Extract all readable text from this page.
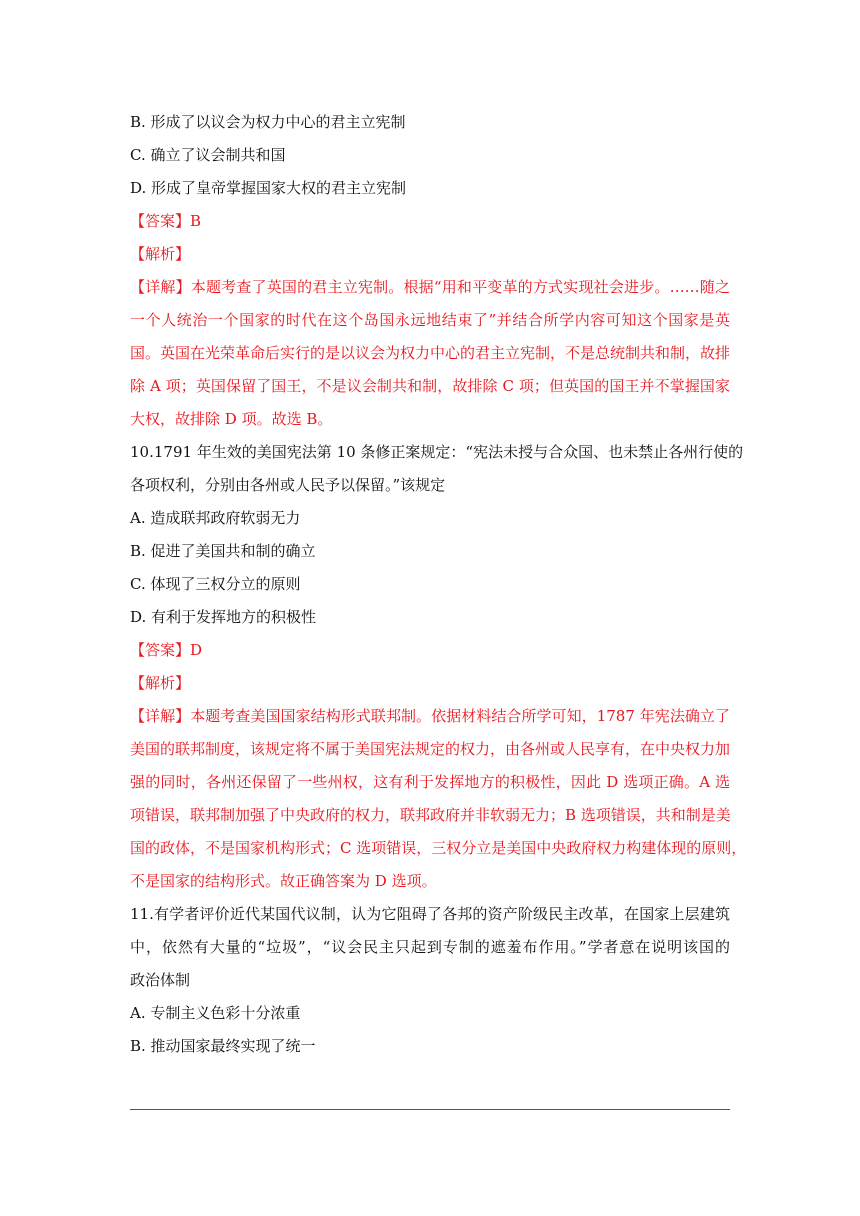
B. 形成了以议会为权力中心的君主立宪制
C. 确立了议会制共和国
D. 形成了皇帝掌握国家大权的君主立宪制
【答案】B
【解析】
【详解】本题考查了英国的君主立宪制。根据“用和平变革的方式实现社会进步。……随之
一个人统治一个国家的时代在这个岛国永远地结束了”并结合所学内容可知这个国家是英
国。英国在光荣革命后实行的是以议会为权力中心的君主立宪制，不是总统制共和制，故排
除 A 项；英国保留了国王，不是议会制共和制，故排除 C 项；但英国的国王并不掌握国家
大权，故排除 D 项。故选 B。
10.1791 年生效的美国宪法第 10 条修正案规定：“宪法未授与合众国、也未禁止各州行使的
各项权利，分别由各州或人民予以保留。”该规定
A. 造成联邦政府软弱无力
B. 促进了美国共和制的确立
C. 体现了三权分立的原则
D. 有利于发挥地方的积极性
【答案】D
【解析】
【详解】本题考查美国国家结构形式联邦制。依据材料结合所学可知，1787 年宪法确立了
美国的联邦制度，该规定将不属于美国宪法规定的权力，由各州或人民享有，在中央权力加
强的同时，各州还保留了一些州权，这有利于发挥地方的积极性，因此 D 选项正确。A 选
项错误，联邦制加强了中央政府的权力，联邦政府并非软弱无力；B 选项错误，共和制是美
国的政体，不是国家机构形式；C 选项错误，三权分立是美国中央政府权力构建体现的原则，
不是国家的结构形式。故正确答案为 D 选项。
11.有学者评价近代某国代议制，认为它阻碍了各邦的资产阶级民主改革，在国家上层建筑
中，依然有大量的“垃圾”，“议会民主只起到专制的遮羞布作用。”学者意在说明该国的
政治体制
A. 专制主义色彩十分浓重
B. 推动国家最终实现了统一
